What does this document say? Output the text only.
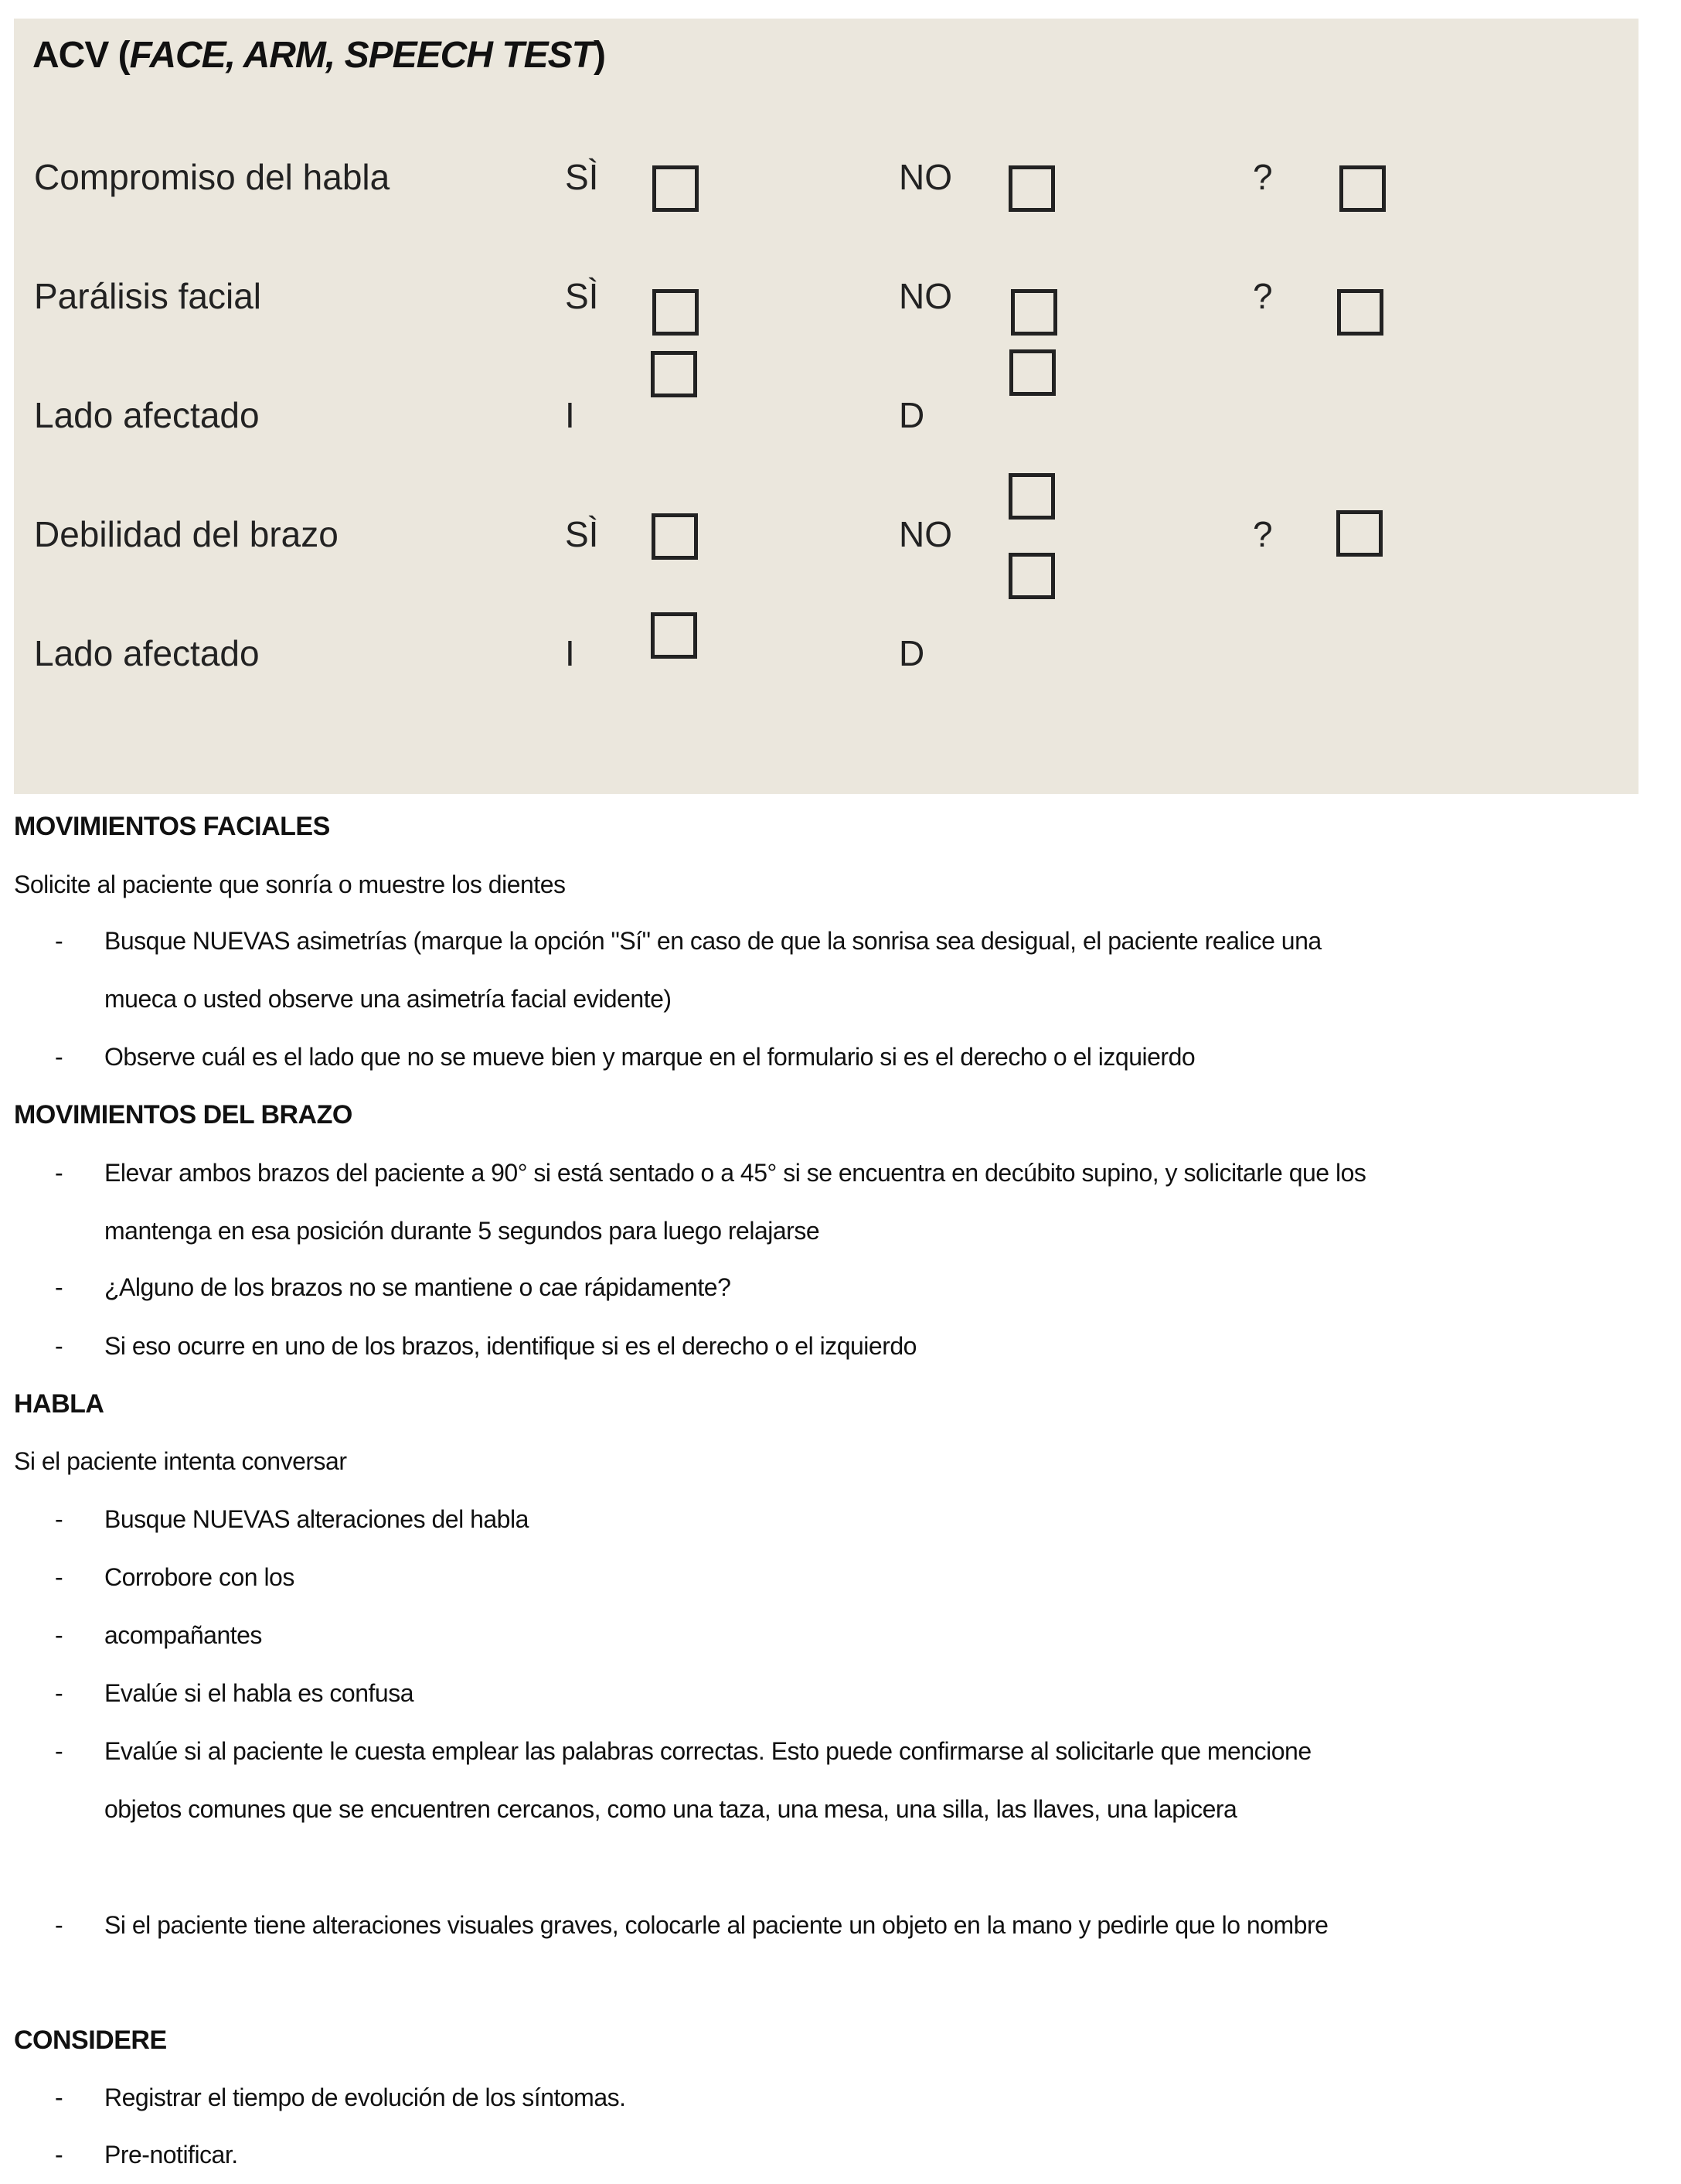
ACV (FACE, ARM, SPEECH TEST)
Compromiso del habla	SÌ	NO	?
Parálisis facial	SÌ	NO	?
Lado afectado	I	D
Debilidad del brazo	SÌ	NO	?
Lado afectado	I	D
MOVIMIENTOS FACIALES

Solicite al paciente que sonría o muestre los dientes

-	Busque NUEVAS asimetrías (marque la opción "Sí" en caso de que la sonrisa sea desigual, el paciente realice una mueca o usted observe una asimetría facial evidente)
-	Observe cuál es el lado que no se mueve bien y marque en el formulario si es el derecho o el izquierdo
MOVIMIENTOS DEL BRAZO
-	Elevar ambos brazos del paciente a 90° si está sentado o a 45° si se encuentra en decúbito supino, y solicitarle que los mantenga en esa posición durante 5 segundos para luego relajarse
-	¿Alguno de los brazos no se mantiene o cae rápidamente?
-	Si eso ocurre en uno de los brazos, identifique si es el derecho o el izquierdo
HABLA

Si el paciente intenta conversar

-	Busque NUEVAS alteraciones del habla
-	Corrobore con los
-	acompañantes
-	Evalúe si el habla es confusa
-	Evalúe si al paciente le cuesta emplear las palabras correctas. Esto puede confirmarse al solicitarle que mencione objetos comunes que se encuentren cercanos, como una taza, una mesa, una silla, las llaves, una lapicera
-	Si el paciente tiene alteraciones visuales graves, colocarle al paciente un objeto en la mano y pedirle que lo nombre
CONSIDERE
-	Registrar el tiempo de evolución de los síntomas.
-	Pre-notificar.
